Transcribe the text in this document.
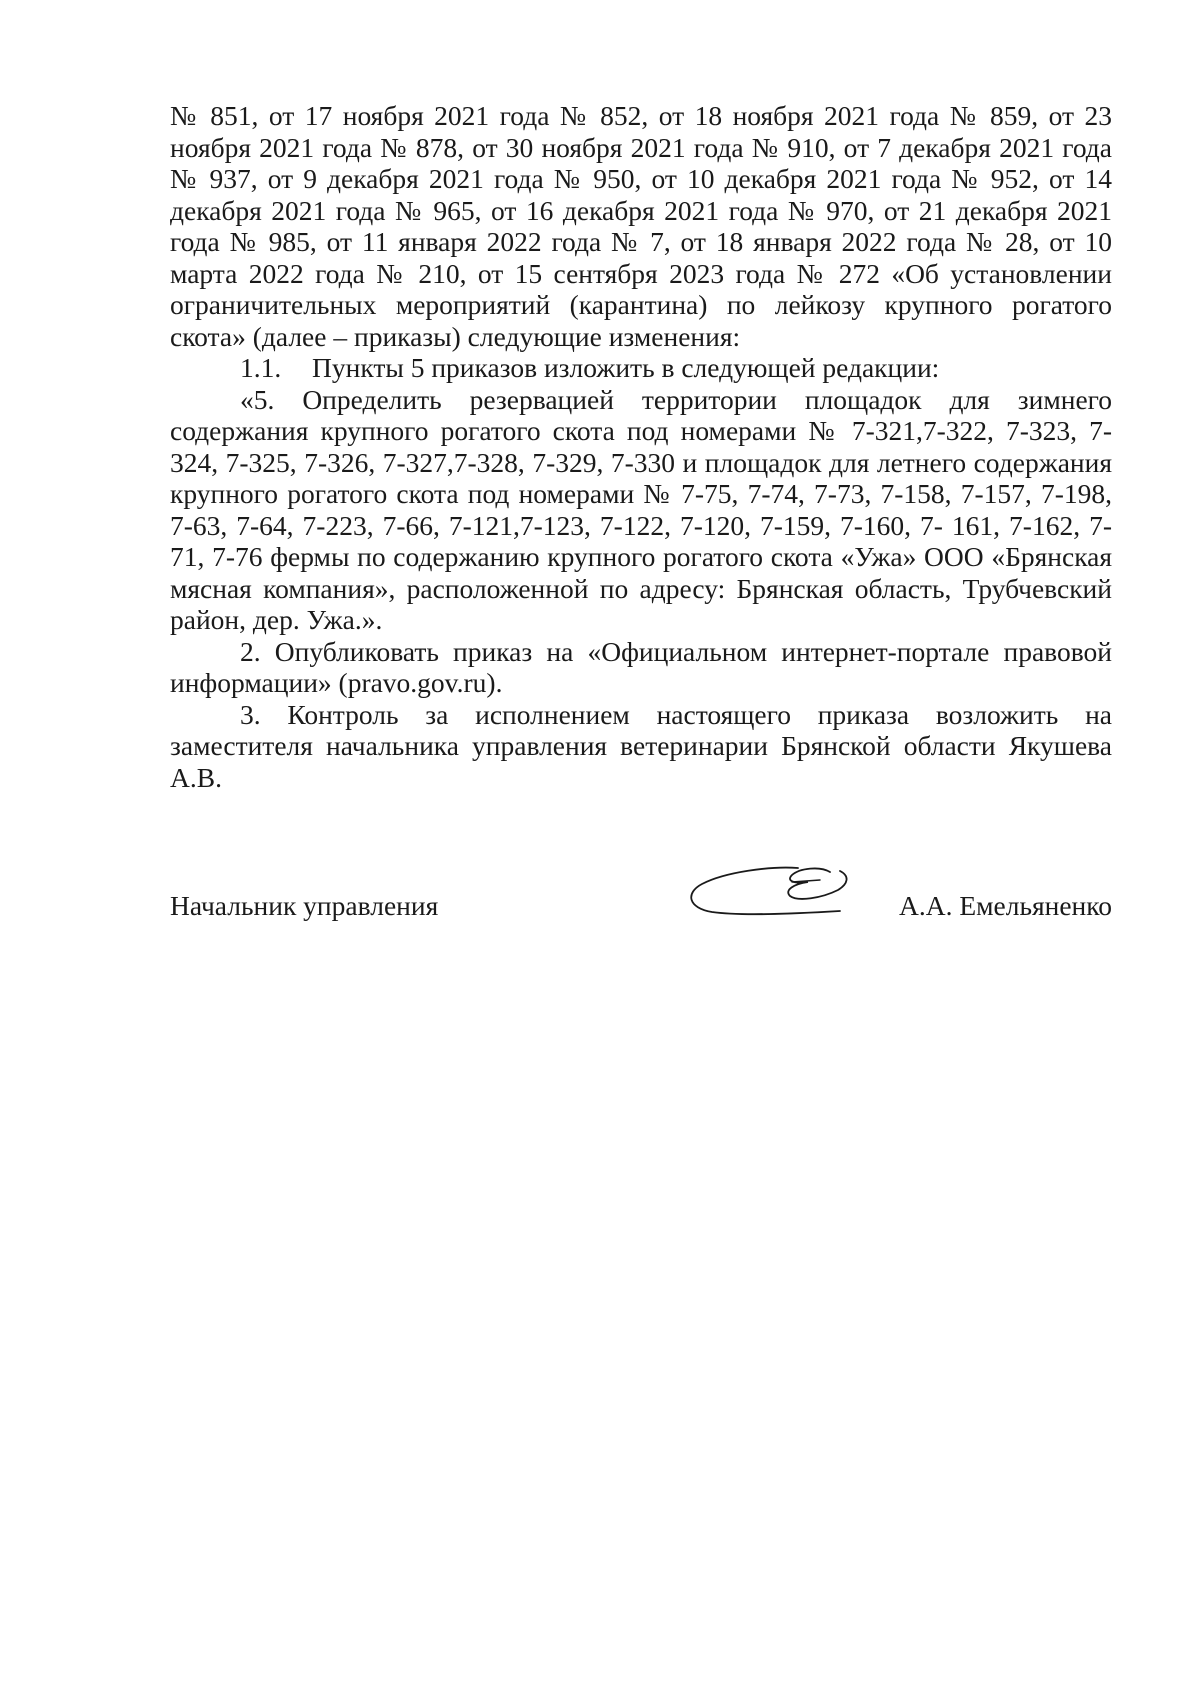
№ 851, от 17 ноября 2021 года № 852, от 18 ноября 2021 года № 859, от 23 ноября 2021 года № 878, от 30 ноября 2021 года № 910, от 7 декабря 2021 года № 937, от 9 декабря 2021 года № 950, от 10 декабря 2021 года № 952, от 14 декабря 2021 года № 965, от 16 декабря 2021 года № 970, от 21 декабря 2021 года № 985, от 11 января 2022 года № 7, от 18 января 2022 года № 28, от 10 марта 2022 года № 210, от 15 сентября 2023 года № 272 «Об установлении ограничительных мероприятий (карантина) по лейкозу крупного рогатого скота» (далее – приказы) следующие изменения:

1.1. Пункты 5 приказов изложить в следующей редакции:

«5. Определить резервацией территории площадок для зимнего содержания крупного рогатого скота под номерами № 7-321,7-322, 7-323, 7- 324, 7-325, 7-326, 7-327,7-328, 7-329, 7-330 и площадок для летнего содержания крупного рогатого скота под номерами № 7-75, 7-74, 7-73, 7-158, 7-157, 7-198, 7-63, 7-64, 7-223, 7-66, 7-121,7-123, 7-122, 7-120, 7-159, 7-160, 7- 161, 7-162, 7-71, 7-76 фермы по содержанию крупного рогатого скота «Ужа» ООО «Брянская мясная компания», расположенной по адресу: Брянская область, Трубчевский район, дер. Ужа.».

2. Опубликовать приказ на «Официальном интернет-портале правовой информации» (pravo.gov.ru).

3. Контроль за исполнением настоящего приказа возложить на заместителя начальника управления ветеринарии Брянской области Якушева А.В.

Начальник управления	А.А. Емельяненко
